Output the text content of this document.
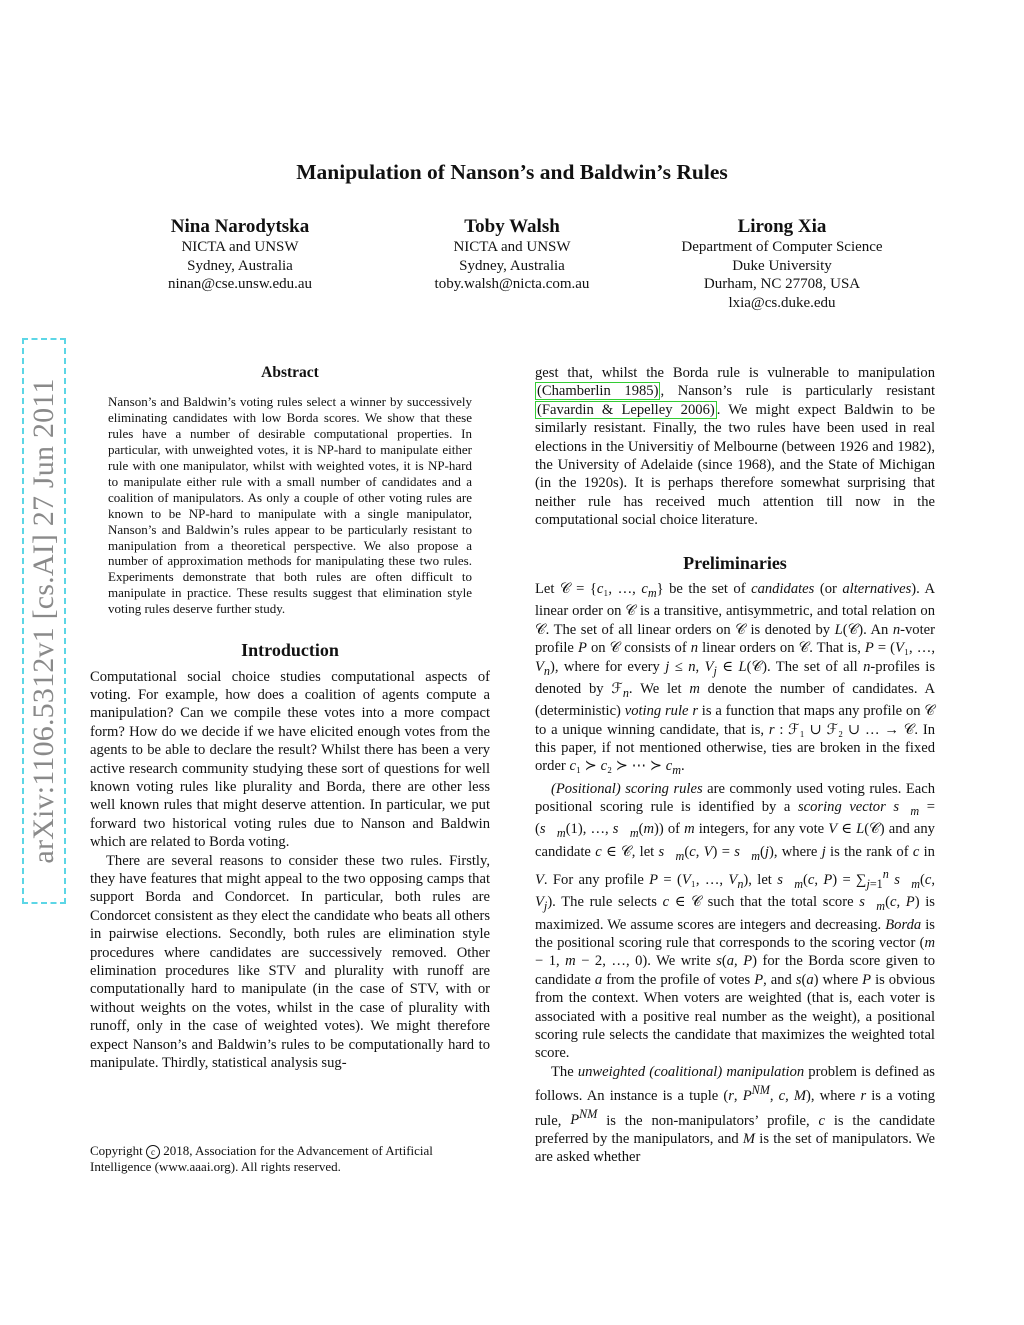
arXiv:1106.5312v1 [cs.AI] 27 Jun 2011
Manipulation of Nanson’s and Baldwin’s Rules
Nina Narodytska
NICTA and UNSW
Sydney, Australia
ninan@cse.unsw.edu.au
Toby Walsh
NICTA and UNSW
Sydney, Australia
toby.walsh@nicta.com.au
Lirong Xia
Department of Computer Science
Duke University
Durham, NC 27708, USA
lxia@cs.duke.edu
Abstract
Nanson’s and Baldwin’s voting rules select a winner by successively eliminating candidates with low Borda scores. We show that these rules have a number of desirable computational properties. In particular, with unweighted votes, it is NP-hard to manipulate either rule with one manipulator, whilst with weighted votes, it is NP-hard to manipulate either rule with a small number of candidates and a coalition of manipulators. As only a couple of other voting rules are known to be NP-hard to manipulate with a single manipulator, Nanson’s and Baldwin’s rules appear to be particularly resistant to manipulation from a theoretical perspective. We also propose a number of approximation methods for manipulating these two rules. Experiments demonstrate that both rules are often difficult to manipulate in practice. These results suggest that elimination style voting rules deserve further study.
Introduction

Computational social choice studies computational aspects of voting. For example, how does a coalition of agents compute a manipulation? Can we compile these votes into a more compact form? How do we decide if we have elicited enough votes from the agents to be able to declare the result? Whilst there has been a very active research community studying these sort of questions for well known voting rules like plurality and Borda, there are other less well known rules that might deserve attention. In particular, we put forward two historical voting rules due to Nanson and Baldwin which are related to Borda voting.

There are several reasons to consider these two rules. Firstly, they have features that might appeal to the two opposing camps that support Borda and Condorcet. In particular, both rules are Condorcet consistent as they elect the candidate who beats all others in pairwise elections. Secondly, both rules are elimination style procedures where candidates are successively removed. Other elimination procedures like STV and plurality with runoff are computationally hard to manipulate (in the case of STV, with or without weights on the votes, whilst in the case of plurality with runoff, only in the case of weighted votes). We might therefore expect Nanson’s and Baldwin’s rules to be computationally hard to manipulate. Thirdly, statistical analysis sug-

Copyright c 2018, Association for the Advancement of Artificial Intelligence (www.aaai.org). All rights reserved.

gest that, whilst the Borda rule is vulnerable to manipulation (Chamberlin 1985) , Nanson’s rule is particularly resistant (Favardin & Lepelley 2006) . We might expect Baldwin to be similarly resistant. Finally, the two rules have been used in real elections in the Universitiy of Melbourne (between 1926 and 1982), the University of Adelaide (since 1968), and the State of Michigan (in the 1920s). It is perhaps therefore somewhat surprising that neither rule has received much attention till now in the computational social choice literature.

Preliminaries

Let 𝒞 = {c₁, …, $c_m$} be the set of candidates (or alternatives). A linear order on 𝒞 is a transitive, antisymmetric, and total relation on 𝒞. The set of all linear orders on 𝒞 is denoted by L(𝒞). An n-voter profile P on 𝒞 consists of n linear orders on 𝒞. That is, P = (V₁, …, $V_n$), where for every j ≤ n, $V_j$ ∈ L(𝒞). The set of all n-profiles is denoted by ℱ$_n$. We let m denote the number of candidates. A (deterministic) voting rule r is a function that maps any profile on 𝒞 to a unique winning candidate, that is, r : ℱ₁ ∪ ℱ₂ ∪ … → 𝒞. In this paper, if not mentioned otherwise, ties are broken in the fixed order c₁ ≻ c₂ ≻ ⋯ ≻ $c_m$.

(Positional) scoring rules are commonly used voting rules. Each positional scoring rule is identified by a scoring vector $s⃗_m$ = ($s⃗_m(1)$, …, $s⃗_m(m)$) of m integers, for any vote V ∈ L(𝒞) and any candidate c ∈ 𝒞, let $s⃗_m(c$, $V) = s⃗_m(j)$, where j is the rank of c in V. For any profile P = (V₁, …, $V_n$), let $s⃗_m(c$, $P) = \sum_{j=1}^n$ $s⃗_m(c$, $V_j$). The rule selects c ∈ 𝒞 such that the total score $s⃗_m(c$, P) is maximized. We assume scores are integers and decreasing. Borda is the positional scoring rule that corresponds to the scoring vector (m − 1, m − 2, …, 0). We write s(a, P) for the Borda score given to candidate a from the profile of votes P, and s(a) where P is obvious from the context. When voters are weighted (that is, each voter is associated with a positive real number as the weight), a positional scoring rule selects the candidate that maximizes the weighted total score.

The unweighted (coalitional) manipulation problem is defined as follows. An instance is a tuple (r, $P^{NM}$, c, M), where r is a voting rule, $P^{NM}$ is the non-manipulators’ profile, c is the candidate preferred by the manipulators, and M is the set of manipulators. We are asked whether
